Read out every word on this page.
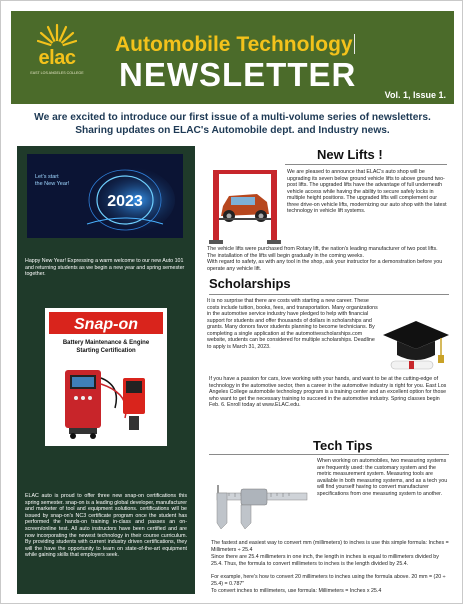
elac
EAST LOS ANGELES COLLEGE
Automobile Technology
NEWSLETTER
Vol. 1, Issue 1.
We are excited to introduce our first issue of a multi-volume series of newsletters. Sharing updates on ELAC's Automobile dept. and Industry news.
Let's start
the New Year!
2023
Happy New Year! Expressing a warm welcome to our new Auto 101 and returning students as we begin a new year and spring semester together.
Snap-on
Battery Maintenance & Engine Starting Certification
ELAC auto is proud to offer three new snap-on certifications this spring semester. snap-on is a leading global developer, manufacturer and marketer of tool and equipment solutions. certifications will be issued by snap-on's NC3 certificate program once the student has performed the hands-on training in-class and passes an on-screen/online test. All auto instructors have been certified and are now incorporating the newest technology in their course curriculum. By providing students with current industry driven certifications, they will the have the opportunity to learn on state-of-the-art equipment while gaining skills that employers seek.
New Lifts !
We are pleased to announce that ELAC's auto shop will be upgrading its seven below ground vehicle lifts to above ground two-post lifts. The upgraded lifts have the advantage of full underneath vehicle access while having the ability to secure safely locks in multiple height positions. The upgraded lifts will complement our three drive-on vehicle lifts, modernizing our auto shop with the latest technology in vehicle lift systems.
The vehicle lifts were purchased from Rotary lift, the nation's leading manufacturer of two post lifts. The installation of the lifts will begin gradually in the coming weeks.
With regard to safety, as with any tool in the shop, ask your instructor for a demonstration before you operate any vehicle lift.
Scholarships
It is no surprise that there are costs with starting a new career. These costs include tuition, books, fees, and transportation. Many organizations in the automotive service industry have pledged to help with financial support for students and offer thousands of dollars in scholarships and grants. Many donors favor students planning to become technicians. By completing a single application at the automotivescholarships.com website, students can be considered for multiple scholarships. Deadline to apply is March 31, 2023.
If you have a passion for cars, love working with your hands, and want to be at the cutting-edge of technology in the automotive sector, then a career in the automotive industry is right for you. East Los Angeles College automobile technology program is a training center and an excellent option for those who want to get the necessary training to succeed in the automotive industry. Spring classes begin Feb. 6. Enroll today at www.ELAC.edu.
Tech Tips
When working on automobiles, two measuring systems are frequently used: the customary system and the metric measurement system. Measuring tools are available in both measuring systems, and as a tech you will find yourself having to convert manufacturer specifications from one measuring system to another.
The fastest and easiest way to convert mm (millimeters) to inches is use this simple formula: Inches = Millimeters ÷ 25.4
Since there are 25.4 millimeters in one inch, the length in inches is equal to millimeters divided by 25.4. Thus, the formula to convert millimeters to inches is the length divided by 25.4.
For example, here's how to convert 20 millimeters to inches using the formula above. 20 mm = (20 ÷ 25.4) = 0.787"
To convert inches to millimeters, use formula: Millimeters = Inches x 25.4
